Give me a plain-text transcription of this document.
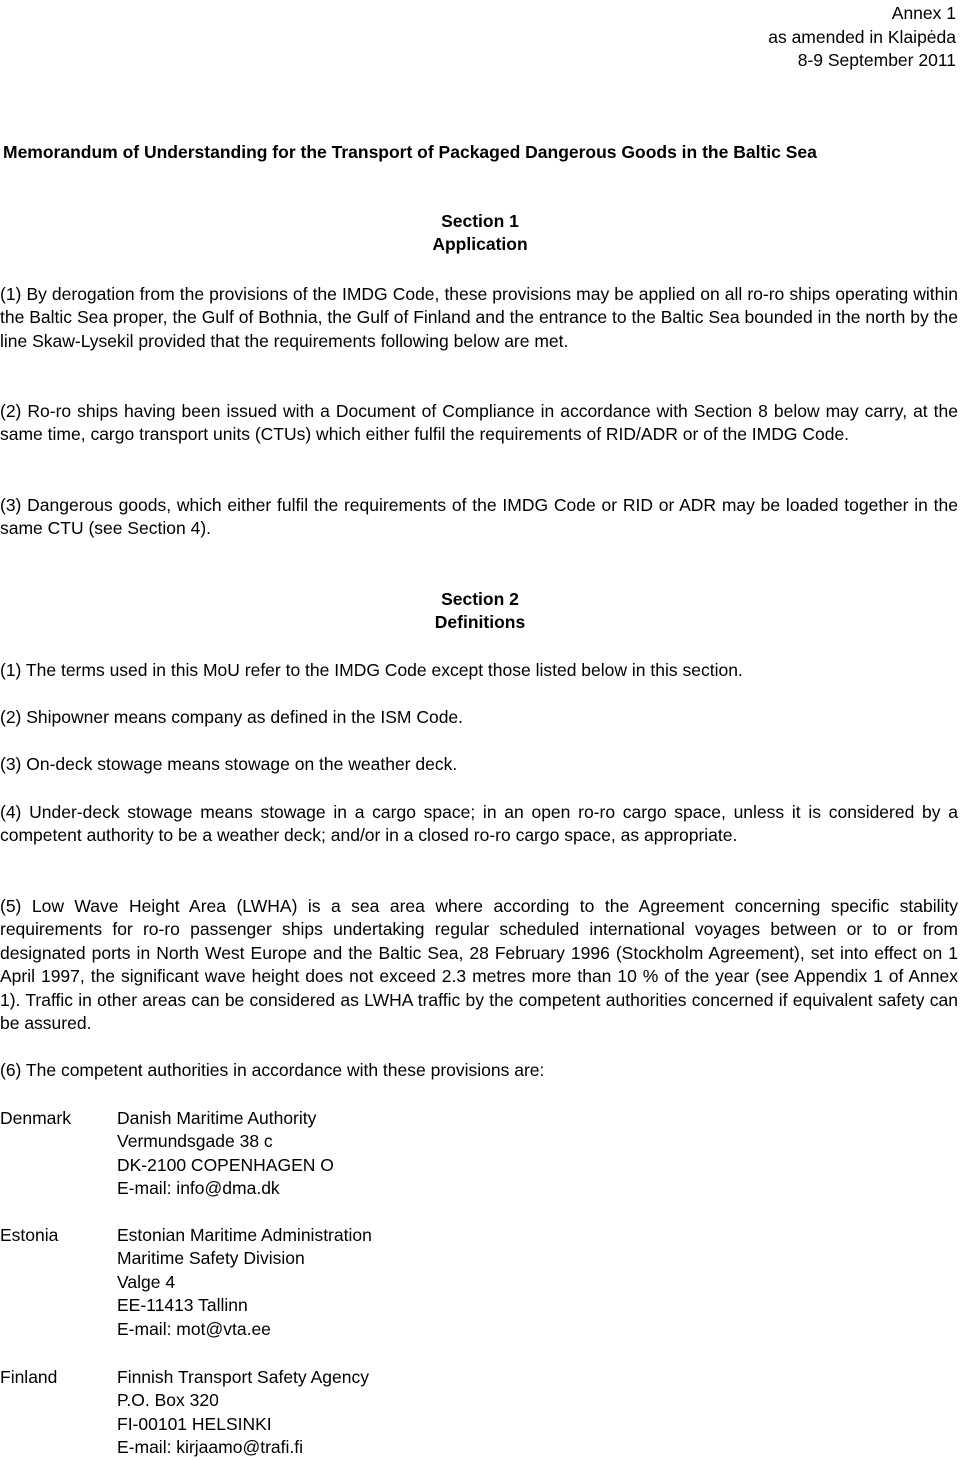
Annex 1
as amended in Klaipėda
8-9 September 2011
Memorandum of Understanding for the Transport of Packaged Dangerous Goods in the Baltic Sea
Section 1
Application
(1) By derogation from the provisions of the IMDG Code, these provisions may be applied on all ro-ro ships operating within the Baltic Sea proper, the Gulf of Bothnia, the Gulf of Finland and the entrance to the Baltic Sea bounded in the north by the line Skaw-Lysekil provided that the requirements following below are met.
(2) Ro-ro ships having been issued with a Document of Compliance in accordance with Section 8 below may carry, at the same time, cargo transport units (CTUs) which either fulfil the requirements of RID/ADR or of the IMDG Code.
(3) Dangerous goods, which either fulfil the requirements of the IMDG Code or RID or ADR may be loaded together in the same CTU (see Section 4).
Section 2
Definitions
(1) The terms used in this MoU refer to the IMDG Code except those listed below in this section.
(2) Shipowner means company as defined in the ISM Code.
(3) On-deck stowage means stowage on the weather deck.
(4) Under-deck stowage means stowage in a cargo space; in an open ro-ro cargo space, unless it is considered by a competent authority to be a weather deck; and/or in a closed ro-ro cargo space, as appropriate.
(5) Low Wave Height Area (LWHA) is a sea area where according to the Agreement concerning specific stability requirements for ro-ro passenger ships undertaking regular scheduled international voyages between or to or from designated ports in North West Europe and the Baltic Sea, 28 February 1996 (Stockholm Agreement), set into effect on 1 April 1997, the significant wave height does not exceed 2.3 metres more than 10 % of the year (see Appendix 1 of Annex 1). Traffic in other areas can be considered as LWHA traffic by the competent authorities concerned if equivalent safety can be assured.
(6) The competent authorities in accordance with these provisions are:
Denmark	Danish Maritime Authority
Vermundsgade 38 c
DK-2100 COPENHAGEN O
E-mail: info@dma.dk
Estonia	Estonian Maritime Administration
Maritime Safety Division
Valge 4
EE-11413 Tallinn
E-mail: mot@vta.ee
Finland	Finnish Transport Safety Agency
P.O. Box 320
FI-00101 HELSINKI
E-mail: kirjaamo@trafi.fi
